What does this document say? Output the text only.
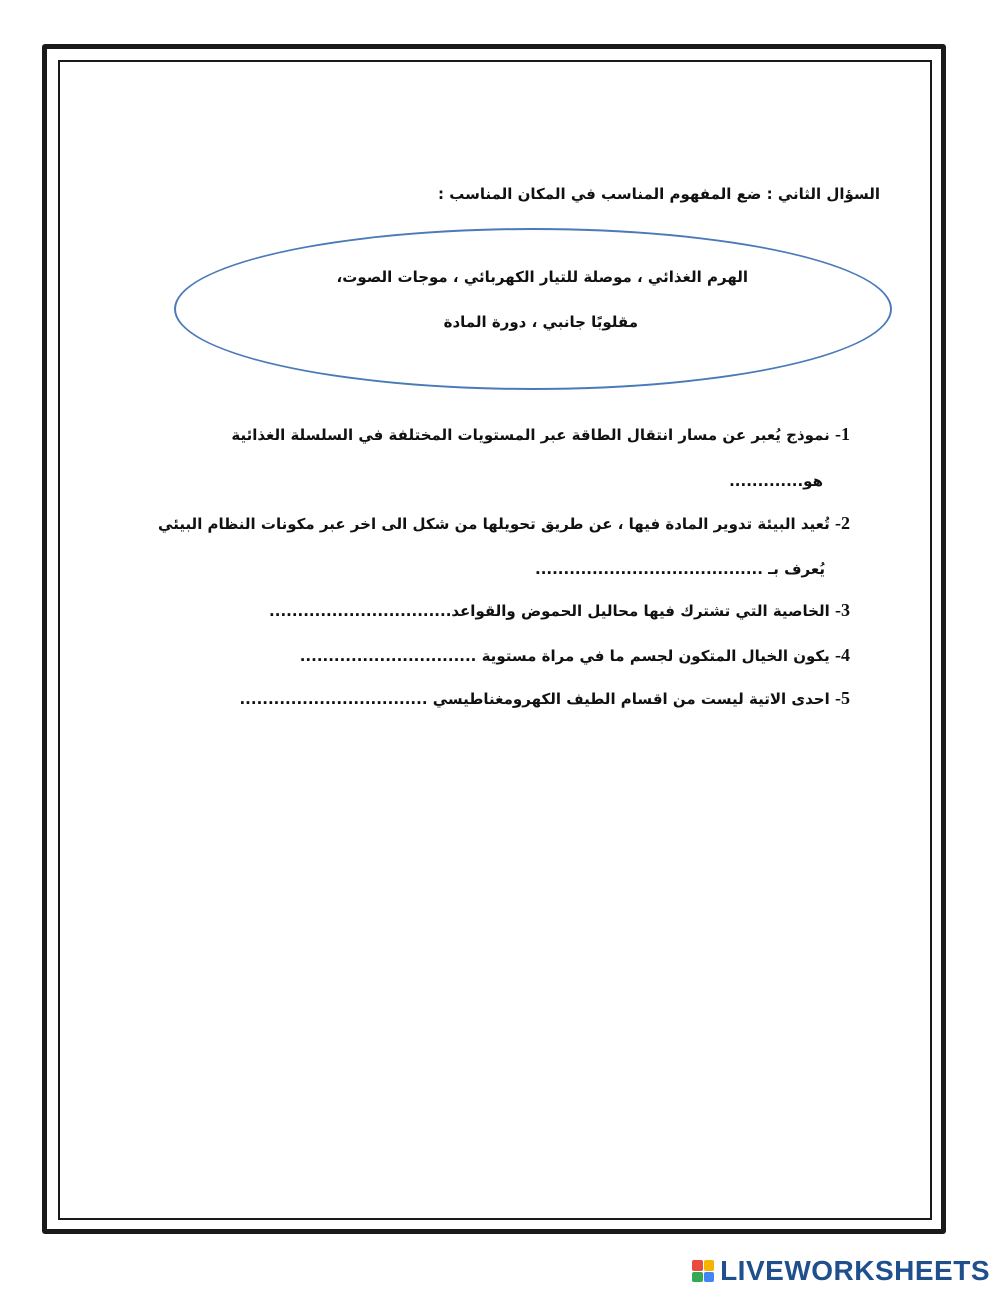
السؤال الثاني : ضع المفهوم المناسب في المكان المناسب :
الهرم الغذائي ، موصلة للتيار الكهربائي ، موجات الصوت،
مقلوبًا جانبي ، دورة المادة
1- نموذج يُعبر عن مسار انتقال الطاقة عبر المستويات المختلفة في السلسلة الغذائية
هو.............
2- تُعيد البيئة تدوير المادة فيها ، عن طريق تحويلها من شكل الى اخر عبر مكونات النظام البيئي
يُعرف بـ ........................................
3- الخاصية التي تشترك فيها محاليل الحموض والقواعد................................
4- يكون الخيال المتكون لجسم ما في مراة مستوية ...............................
5- احدى الاتية ليست من اقسام الطيف الكهرومغناطيسي .................................
LIVEWORKSHEETS
